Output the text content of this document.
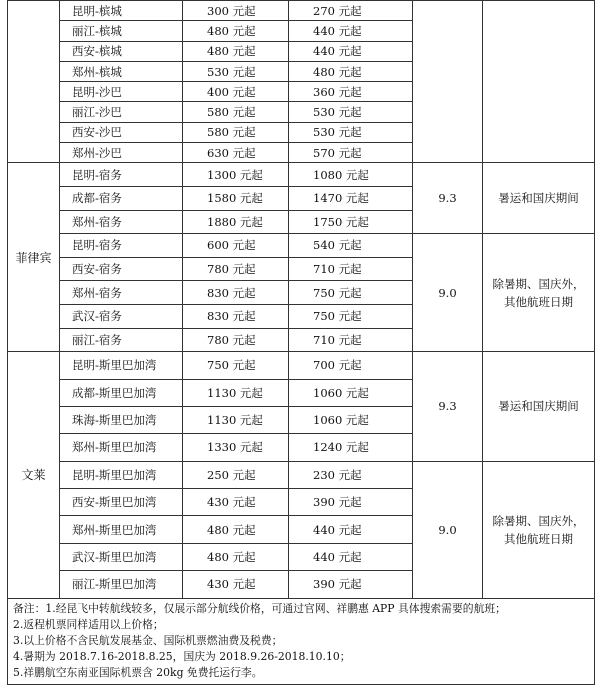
	昆明-槟城	300 元起	270 元起		
	丽江-槟城	480 元起	440 元起		
	西安-槟城	480 元起	440 元起		
	郑州-槟城	530 元起	480 元起		
	昆明-沙巴	400 元起	360 元起		
	丽江-沙巴	580 元起	530 元起		
	西安-沙巴	580 元起	530 元起		
	郑州-沙巴	630 元起	570 元起		
菲律宾	昆明-宿务	1300 元起	1080 元起	9.3	暑运和国庆期间
	成都-宿务	1580 元起	1470 元起		
	郑州-宿务	1880 元起	1750 元起		
	昆明-宿务	600 元起	540 元起	9.0	除暑期、国庆外，其他航班日期
	西安-宿务	780 元起	710 元起		
	郑州-宿务	830 元起	750 元起		
	武汉-宿务	830 元起	750 元起		
	丽江-宿务	780 元起	710 元起		
文莱	昆明-斯里巴加湾	750 元起	700 元起	9.3	暑运和国庆期间
	成都-斯里巴加湾	1130 元起	1060 元起		
	珠海-斯里巴加湾	1130 元起	1060 元起		
	郑州-斯里巴加湾	1330 元起	1240 元起		
	昆明-斯里巴加湾	250 元起	230 元起	9.0	除暑期、国庆外，其他航班日期
	西安-斯里巴加湾	430 元起	390 元起		
	郑州-斯里巴加湾	480 元起	440 元起		
	武汉-斯里巴加湾	480 元起	440 元起		
	丽江-斯里巴加湾	430 元起	390 元起		

备注：1.经昆飞中转航线较多，仅展示部分航线价格，可通过官网、祥鹏惠 APP 具体搜索需要的航班；
2.返程机票同样适用以上价格；
3.以上价格不含民航发展基金、国际机票燃油费及税费；
4.暑期为 2018.7.16-2018.8.25，国庆为 2018.9.26-2018.10.10；
5.祥鹏航空东南亚国际机票含 20kg 免费托运行李。					
